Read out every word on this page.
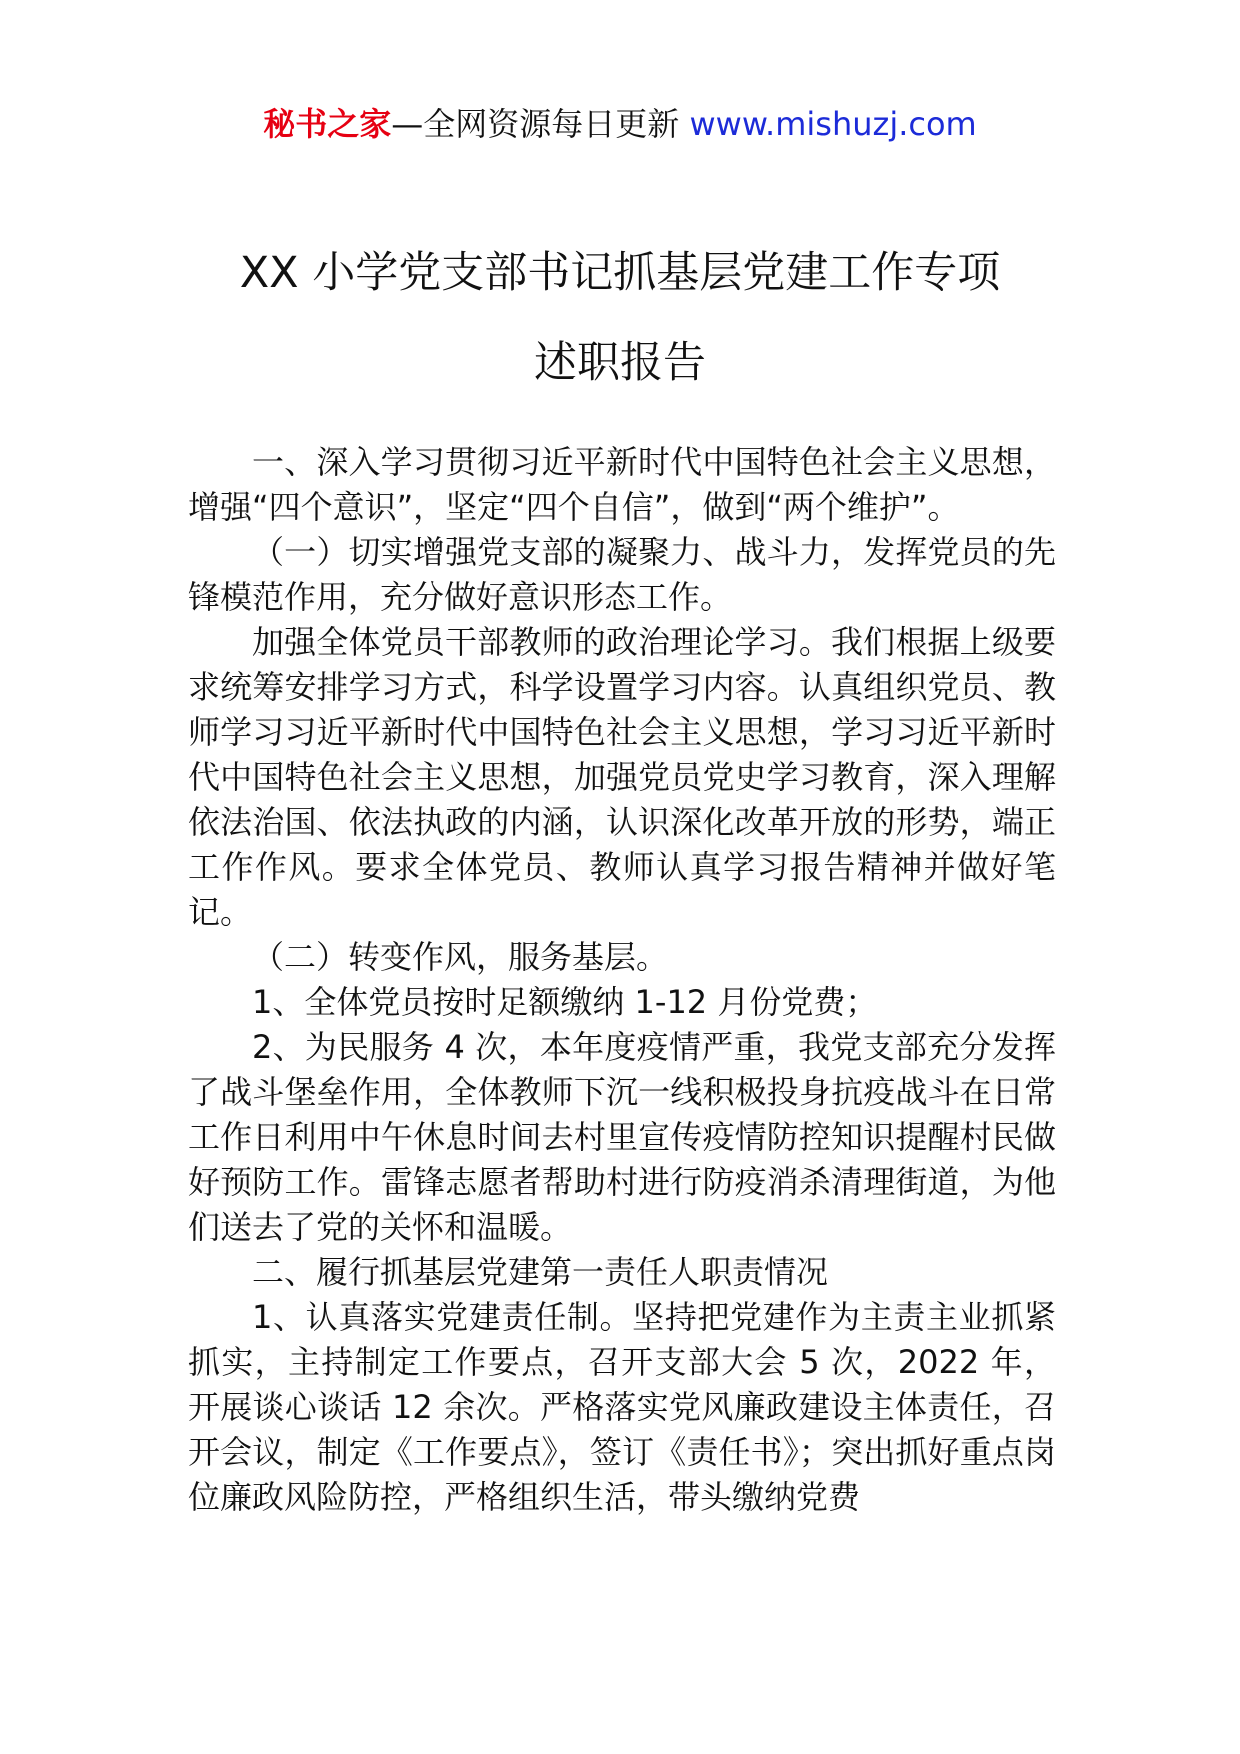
秘书之家—全网资源每日更新 www.mishuzj.com
XX 小学党支部书记抓基层党建工作专项
述职报告

一、深入学习贯彻习近平新时代中国特色社会主义思想，增强“四个意识”，坚定“四个自信”，做到“两个维护”。

（一）切实增强党支部的凝聚力、战斗力，发挥党员的先锋模范作用，充分做好意识形态工作。

加强全体党员干部教师的政治理论学习。我们根据上级要求统筹安排学习方式，科学设置学习内容。认真组织党员、教师学习习近平新时代中国特色社会主义思想，学习习近平新时代中国特色社会主义思想，加强党员党史学习教育，深入理解依法治国、依法执政的内涵，认识深化改革开放的形势，端正工作作风。要求全体党员、教师认真学习报告精神并做好笔记。

（二）转变作风，服务基层。

1、全体党员按时足额缴纳 1-12 月份党费；

2、为民服务 4 次，本年度疫情严重，我党支部充分发挥了战斗堡垒作用，全体教师下沉一线积极投身抗疫战斗在日常工作日利用中午休息时间去村里宣传疫情防控知识提醒村民做好预防工作。雷锋志愿者帮助村进行防疫消杀清理街道，为他们送去了党的关怀和温暖。

二、履行抓基层党建第一责任人职责情况

1、认真落实党建责任制。坚持把党建作为主责主业抓紧抓实，主持制定工作要点，召开支部大会 5 次，2022 年，开展谈心谈话 12 余次。严格落实党风廉政建设主体责任，召开会议，制定《工作要点》，签订《责任书》；突出抓好重点岗位廉政风险防控，严格组织生活，带头缴纳党费
